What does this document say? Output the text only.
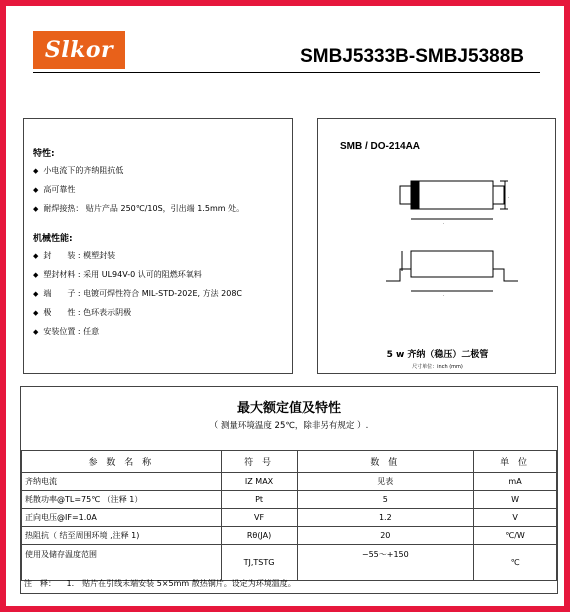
Slkor	SMBJ5333B-SMBJ5388B
特性:
◆ 小电流下的齐纳阻抗低
◆ 高可靠性
◆ 耐焊接热： 贴片产品 250℃/10S，引出端 1.5mm 处。
机械性能:
◆ 封　　装 : 模塑封装
◆ 塑封材料 : 采用 UL94V-0 认可的阻燃环氧料
◆ 端　　子 : 电镀可焊性符合 MIL-STD-202E, 方法 208C
◆ 极　　性 : 色环表示阴极
◆ 安装位置 : 任意
SMB / DO-214AA
·
·
·
5 w 齐纳（稳压）二极管
尺寸单位：inch (mm)
最大额定值及特性
（ 测量环境温度 25℃，除非另有规定 ）.
参 数 名 称	符 号	数 值	单 位
齐纳电流	IZ MAX	见表	mA
耗散功率@TL=75℃ （注释 1）	Pt	5	W
正向电压@IF=1.0A	VF	1.2	V
热阻抗（ 结至周围环境 ,注释 1)	Rθ(JA)	20	℃/W
使用及储存温度范围	TJ,TSTG	−55～+150	℃
注　释： 1.　贴片在引线末端安装 5×5mm 散热铜片。设定为环境温度。
